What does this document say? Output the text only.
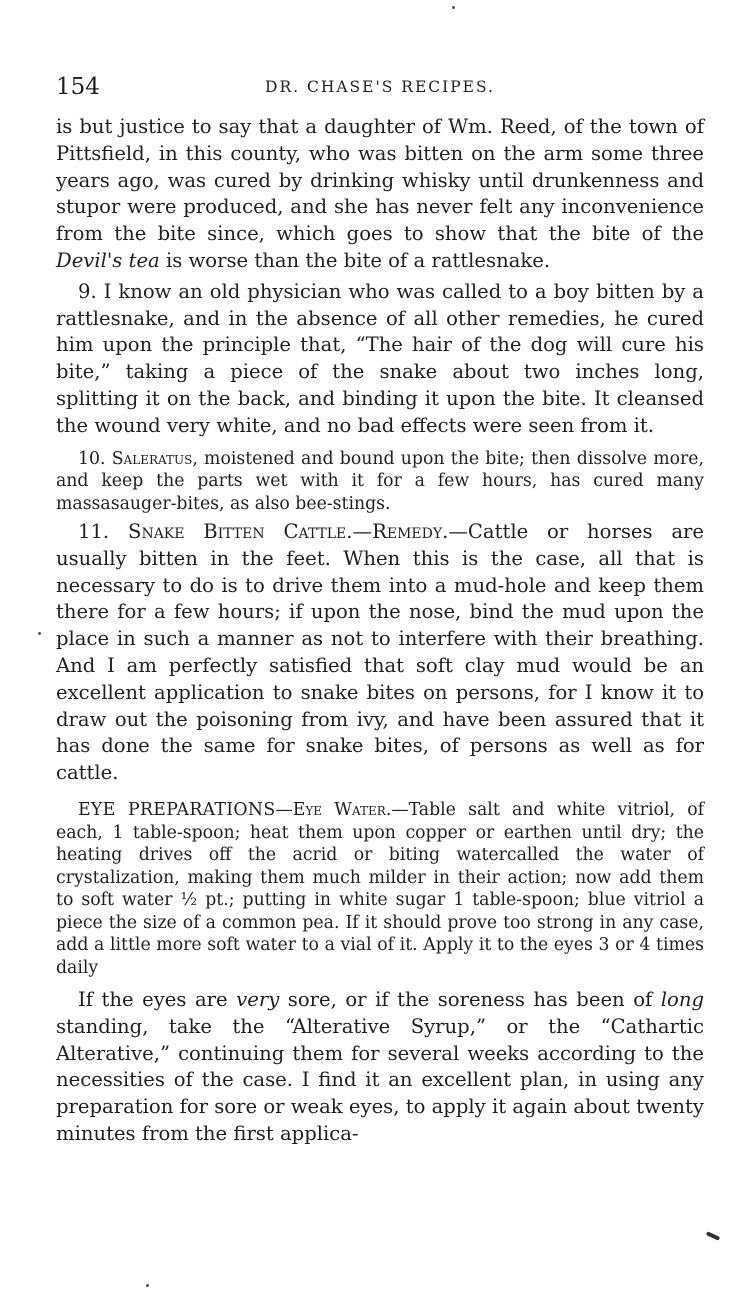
154	DR. CHASE'S RECIPES.

is but justice to say that a daughter of Wm. Reed, of the town of Pittsfield, in this county, who was bitten on the arm some three years ago, was cured by drinking whisky until drunkenness and stupor were produced, and she has never felt any inconvenience from the bite since, which goes to show that the bite of the Devil's tea is worse than the bite of a rattlesnake.

9. I know an old physician who was called to a boy bitten by a rattlesnake, and in the absence of all other remedies, he cured him upon the principle that, “The hair of the dog will cure his bite,” taking a piece of the snake about two inches long, splitting it on the back, and binding it upon the bite. It cleansed the wound very white, and no bad effects were seen from it.

10. Saleratus, moistened and bound upon the bite; then dissolve more, and keep the parts wet with it for a few hours, has cured many massasauger-bites, as also bee-stings.

11. Snake Bitten Cattle.—Remedy.—Cattle or horses are usually bitten in the feet. When this is the case, all that is necessary to do is to drive them into a mud-hole and keep them there for a few hours; if upon the nose, bind the mud upon the place in such a manner as not to interfere with their breathing. And I am perfectly satisfied that soft clay mud would be an excellent application to snake bites on persons, for I know it to draw out the poisoning from ivy, and have been assured that it has done the same for snake bites, of persons as well as for cattle.

EYE PREPARATIONS—Eye Water.—Table salt and white vitriol, of each, 1 table-spoon; heat them upon copper or earthen until dry; the heating drives off the acrid or biting watercalled the water of crystalization, making them much milder in their action; now add them to soft water ½ pt.; putting in white sugar 1 table-spoon; blue vitriol a piece the size of a common pea. If it should prove too strong in any case, add a little more soft water to a vial of it. Apply it to the eyes 3 or 4 times daily

If the eyes are very sore, or if the soreness has been of long standing, take the “Alterative Syrup,” or the “Cathartic Alterative,” continuing them for several weeks according to the necessities of the case. I find it an excellent plan, in using any preparation for sore or weak eyes, to apply it again about twenty minutes from the first applica-
